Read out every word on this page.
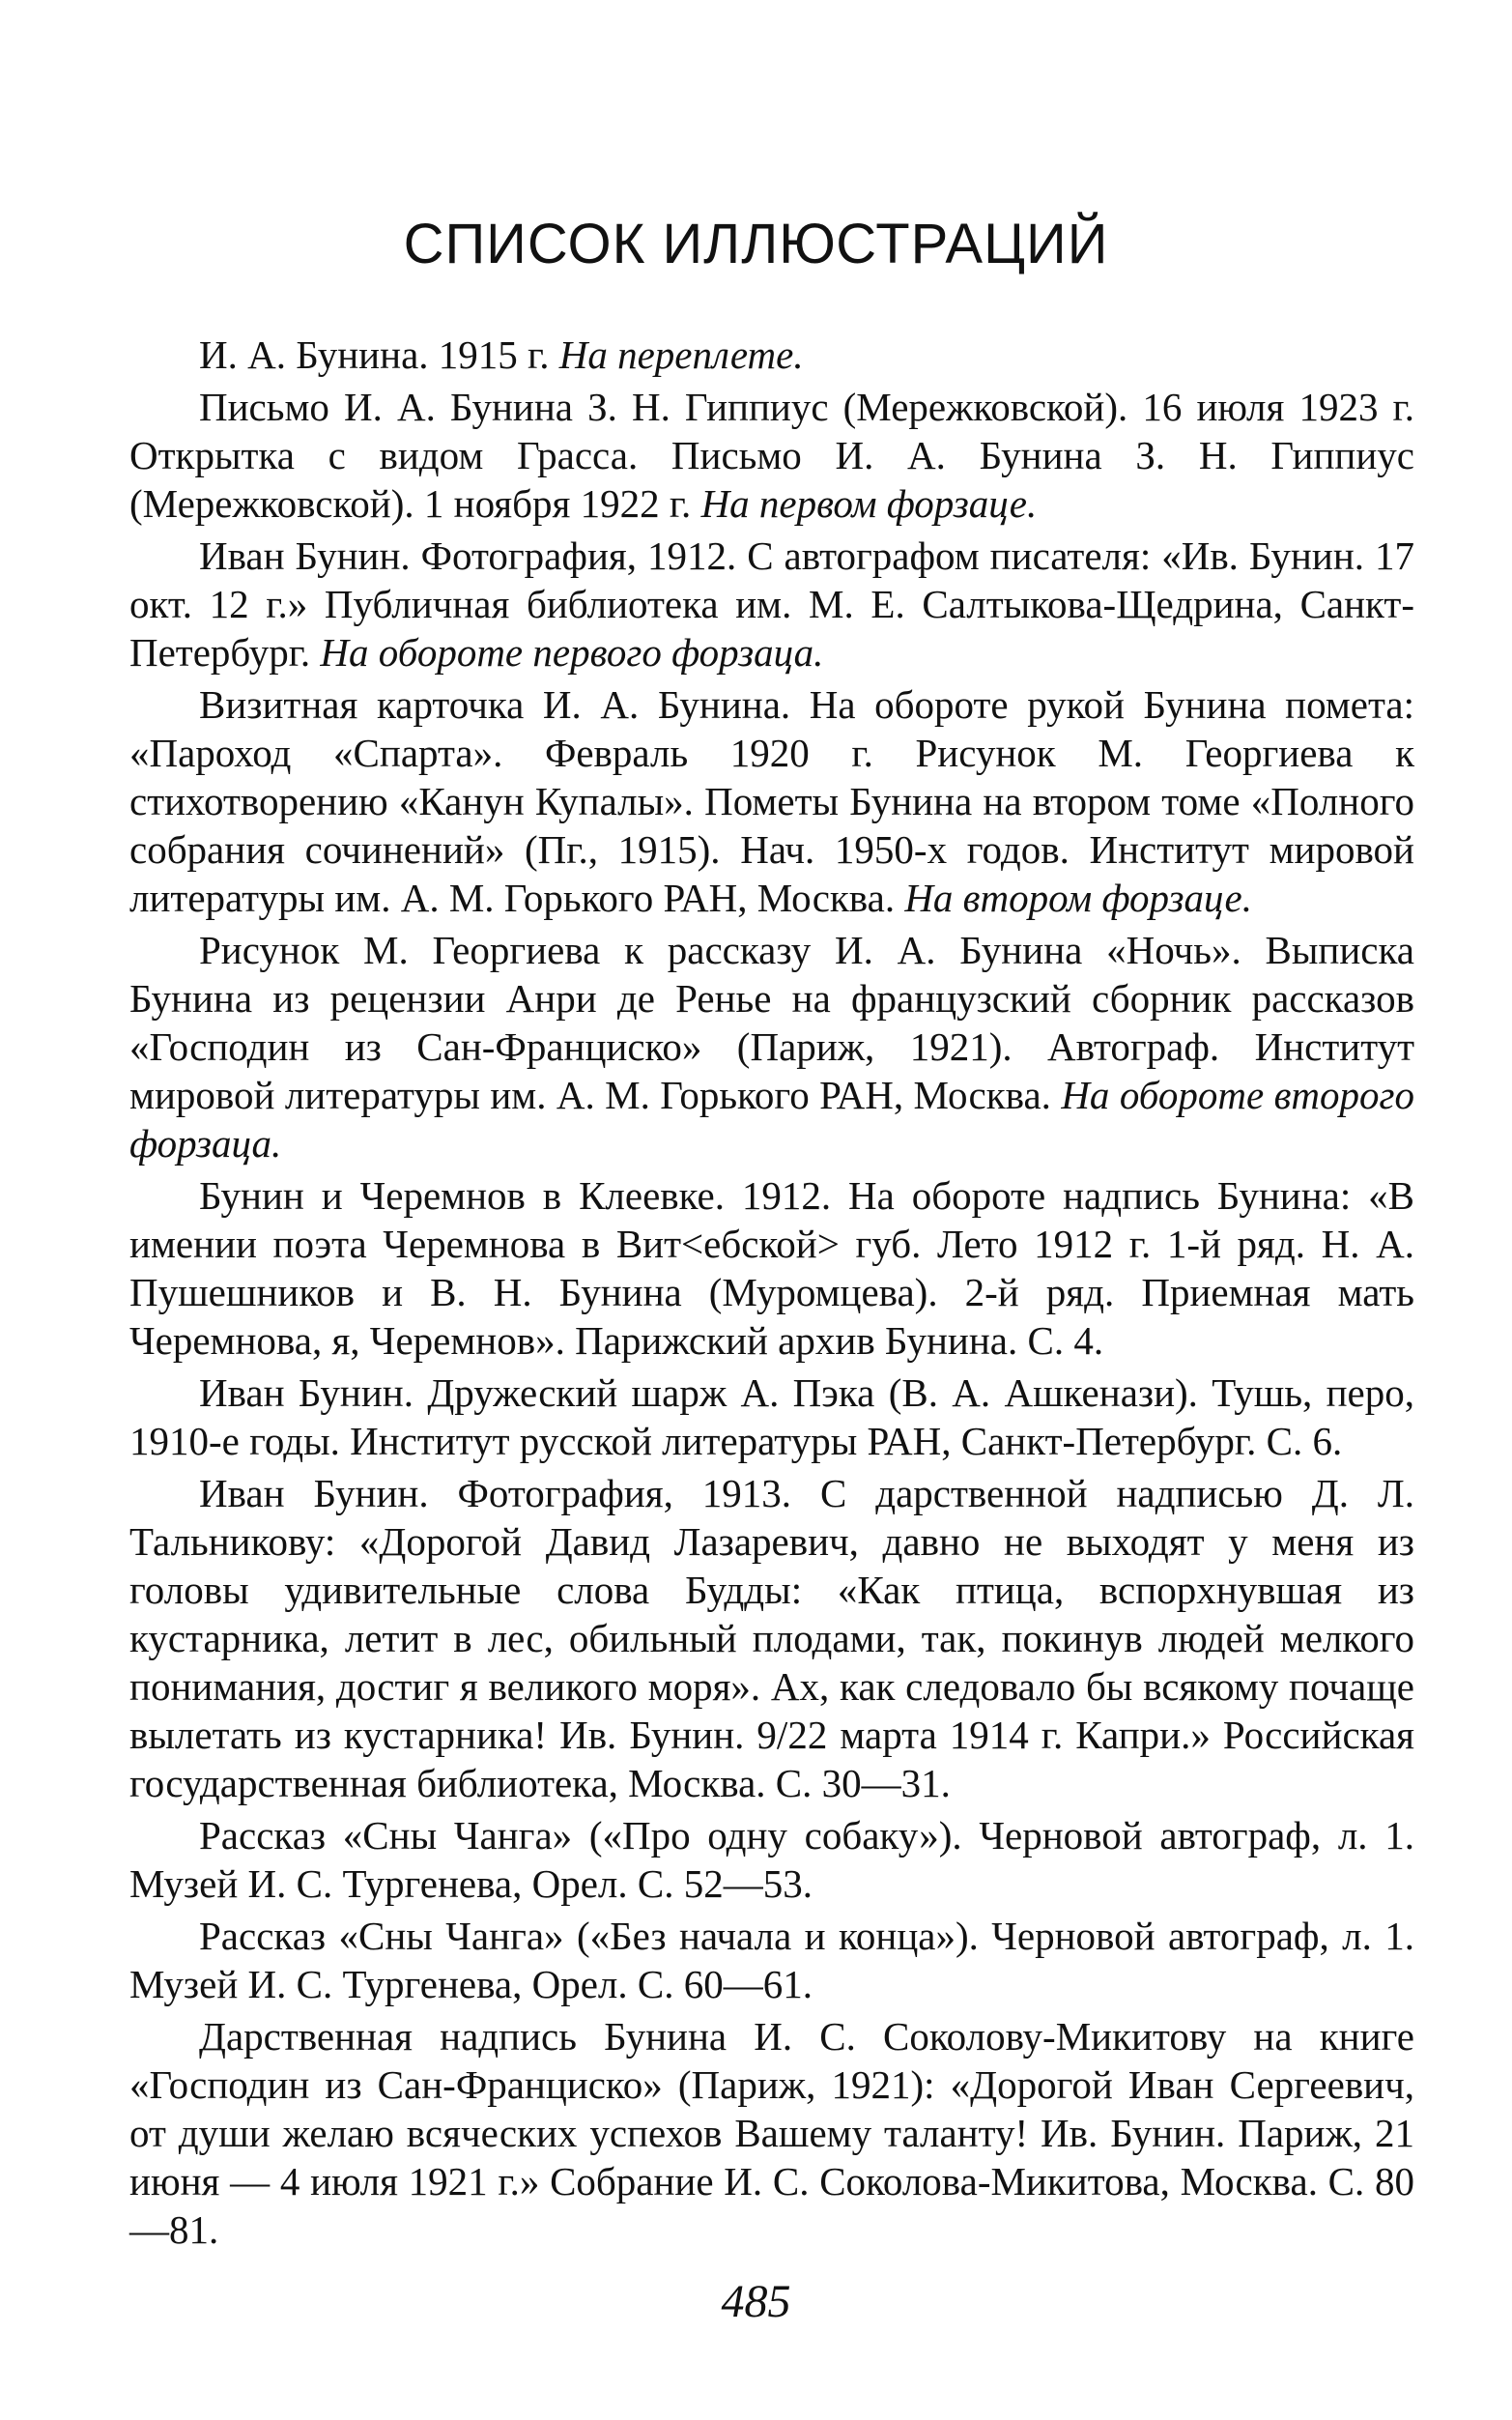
СПИСОК ИЛЛЮСТРАЦИЙ

И. А. Бунина. 1915 г. На переплете.

Письмо И. А. Бунина З. Н. Гиппиус (Мережковской). 16 июля 1923 г. Открытка с видом Грасса. Письмо И. А. Бунина З. Н. Гиппиус (Мережковской). 1 ноября 1922 г. На первом форзаце.

Иван Бунин. Фотография, 1912. С автографом писателя: «Ив. Бунин. 17 окт. 12 г.» Публичная библиотека им. М. Е. Салтыкова-Щедрина, Санкт-Петербург. На обороте первого форзаца.

Визитная карточка И. А. Бунина. На обороте рукой Бунина помета: «Пароход «Спарта». Февраль 1920 г. Рисунок М. Георгиева к стихотворению «Канун Купалы». Пометы Бунина на втором томе «Полного собрания сочинений» (Пг., 1915). Нач. 1950-х годов. Институт мировой литературы им. А. М. Горького РАН, Москва. На втором форзаце.

Рисунок М. Георгиева к рассказу И. А. Бунина «Ночь». Выписка Бунина из рецензии Анри де Ренье на французский сборник рассказов «Господин из Сан-Франциско» (Париж, 1921). Автограф. Институт мировой литературы им. А. М. Горького РАН, Москва. На обороте второго форзаца.

Бунин и Черемнов в Клеевке. 1912. На обороте надпись Бунина: «В имении поэта Черемнова в Вит<ебской> губ. Лето 1912 г. 1-й ряд. Н. А. Пушешников и В. Н. Бунина (Муромцева). 2-й ряд. Приемная мать Черемнова, я, Черемнов». Парижский архив Бунина. С. 4.

Иван Бунин. Дружеский шарж А. Пэка (В. А. Ашкенази). Тушь, перо, 1910-е годы. Институт русской литературы РАН, Санкт-Петербург. С. 6.

Иван Бунин. Фотография, 1913. С дарственной надписью Д. Л. Тальникову: «Дорогой Давид Лазаревич, давно не выходят у меня из головы удивительные слова Будды: «Как птица, вспорхнувшая из кустарника, летит в лес, обильный плодами, так, покинув людей мелкого понимания, достиг я великого моря». Ах, как следовало бы всякому почаще вылетать из кустарника! Ив. Бунин. 9/22 марта 1914 г. Капри.» Российская государственная библиотека, Москва. С. 30—31.

Рассказ «Сны Чанга» («Про одну собаку»). Черновой автограф, л. 1. Музей И. С. Тургенева, Орел. С. 52—53.

Рассказ «Сны Чанга» («Без начала и конца»). Черновой автограф, л. 1. Музей И. С. Тургенева, Орел. С. 60—61.

Дарственная надпись Бунина И. С. Соколову-Микитову на книге «Господин из Сан-Франциско» (Париж, 1921): «Дорогой Иван Сергеевич, от души желаю всяческих успехов Вашему таланту! Ив. Бунин. Париж, 21 июня — 4 июля 1921 г.» Собрание И. С. Соколова-Микитова, Москва. С. 80—81.

485
